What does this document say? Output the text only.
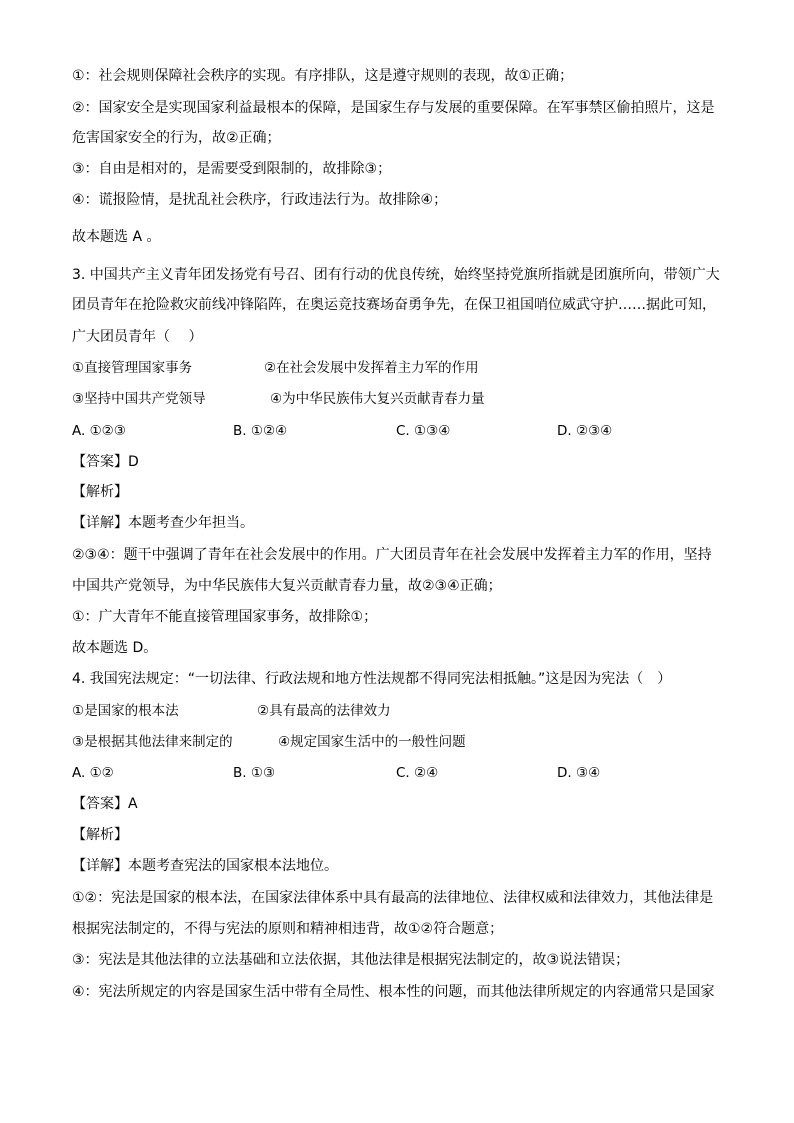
①：社会规则保障社会秩序的实现。有序排队，这是遵守规则的表现，故①正确；
②：国家安全是实现国家利益最根本的保障，是国家生存与发展的重要保障。在军事禁区偷拍照片，这是
危害国家安全的行为，故②正确；
③：自由是相对的，是需要受到限制的，故排除③；
④：谎报险情，是扰乱社会秩序，行政违法行为。故排除④；
故本题选 A 。
3. 中国共产主义青年团发扬党有号召、团有行动的优良传统，始终坚持党旗所指就是团旗所向，带领广大
团员青年在抢险救灾前线冲锋陷阵，在奥运竞技赛场奋勇争先，在保卫祖国哨位威武守护……据此可知，
广大团员青年（　 ）
①直接管理国家事务	②在社会发展中发挥着主力军的作用
③坚持中国共产党领导	④为中华民族伟大复兴贡献青春力量
A. ①②③	B. ①②④	C. ①③④	D. ②③④
【答案】D
【解析】
【详解】本题考查少年担当。
②③④：题干中强调了青年在社会发展中的作用。广大团员青年在社会发展中发挥着主力军的作用，坚持
中国共产党领导，为中华民族伟大复兴贡献青春力量，故②③④正确；
①：广大青年不能直接管理国家事务，故排除①；
故本题选 D。
4. 我国宪法规定：“一切法律、行政法规和地方性法规都不得同宪法相抵触。”这是因为宪法（　）
①是国家的根本法	②具有最高的法律效力
③是根据其他法律来制定的	④规定国家生活中的一般性问题
A. ①②	B. ①③	C. ②④	D. ③④
【答案】A
【解析】
【详解】本题考查宪法的国家根本法地位。
①②：宪法是国家的根本法，在国家法律体系中具有最高的法律地位、法律权威和法律效力，其他法律是
根据宪法制定的，不得与宪法的原则和精神相违背，故①②符合题意；
③：宪法是其他法律的立法基础和立法依据，其他法律是根据宪法制定的，故③说法错误；
④：宪法所规定的内容是国家生活中带有全局性、根本性的问题，而其他法律所规定的内容通常只是国家
